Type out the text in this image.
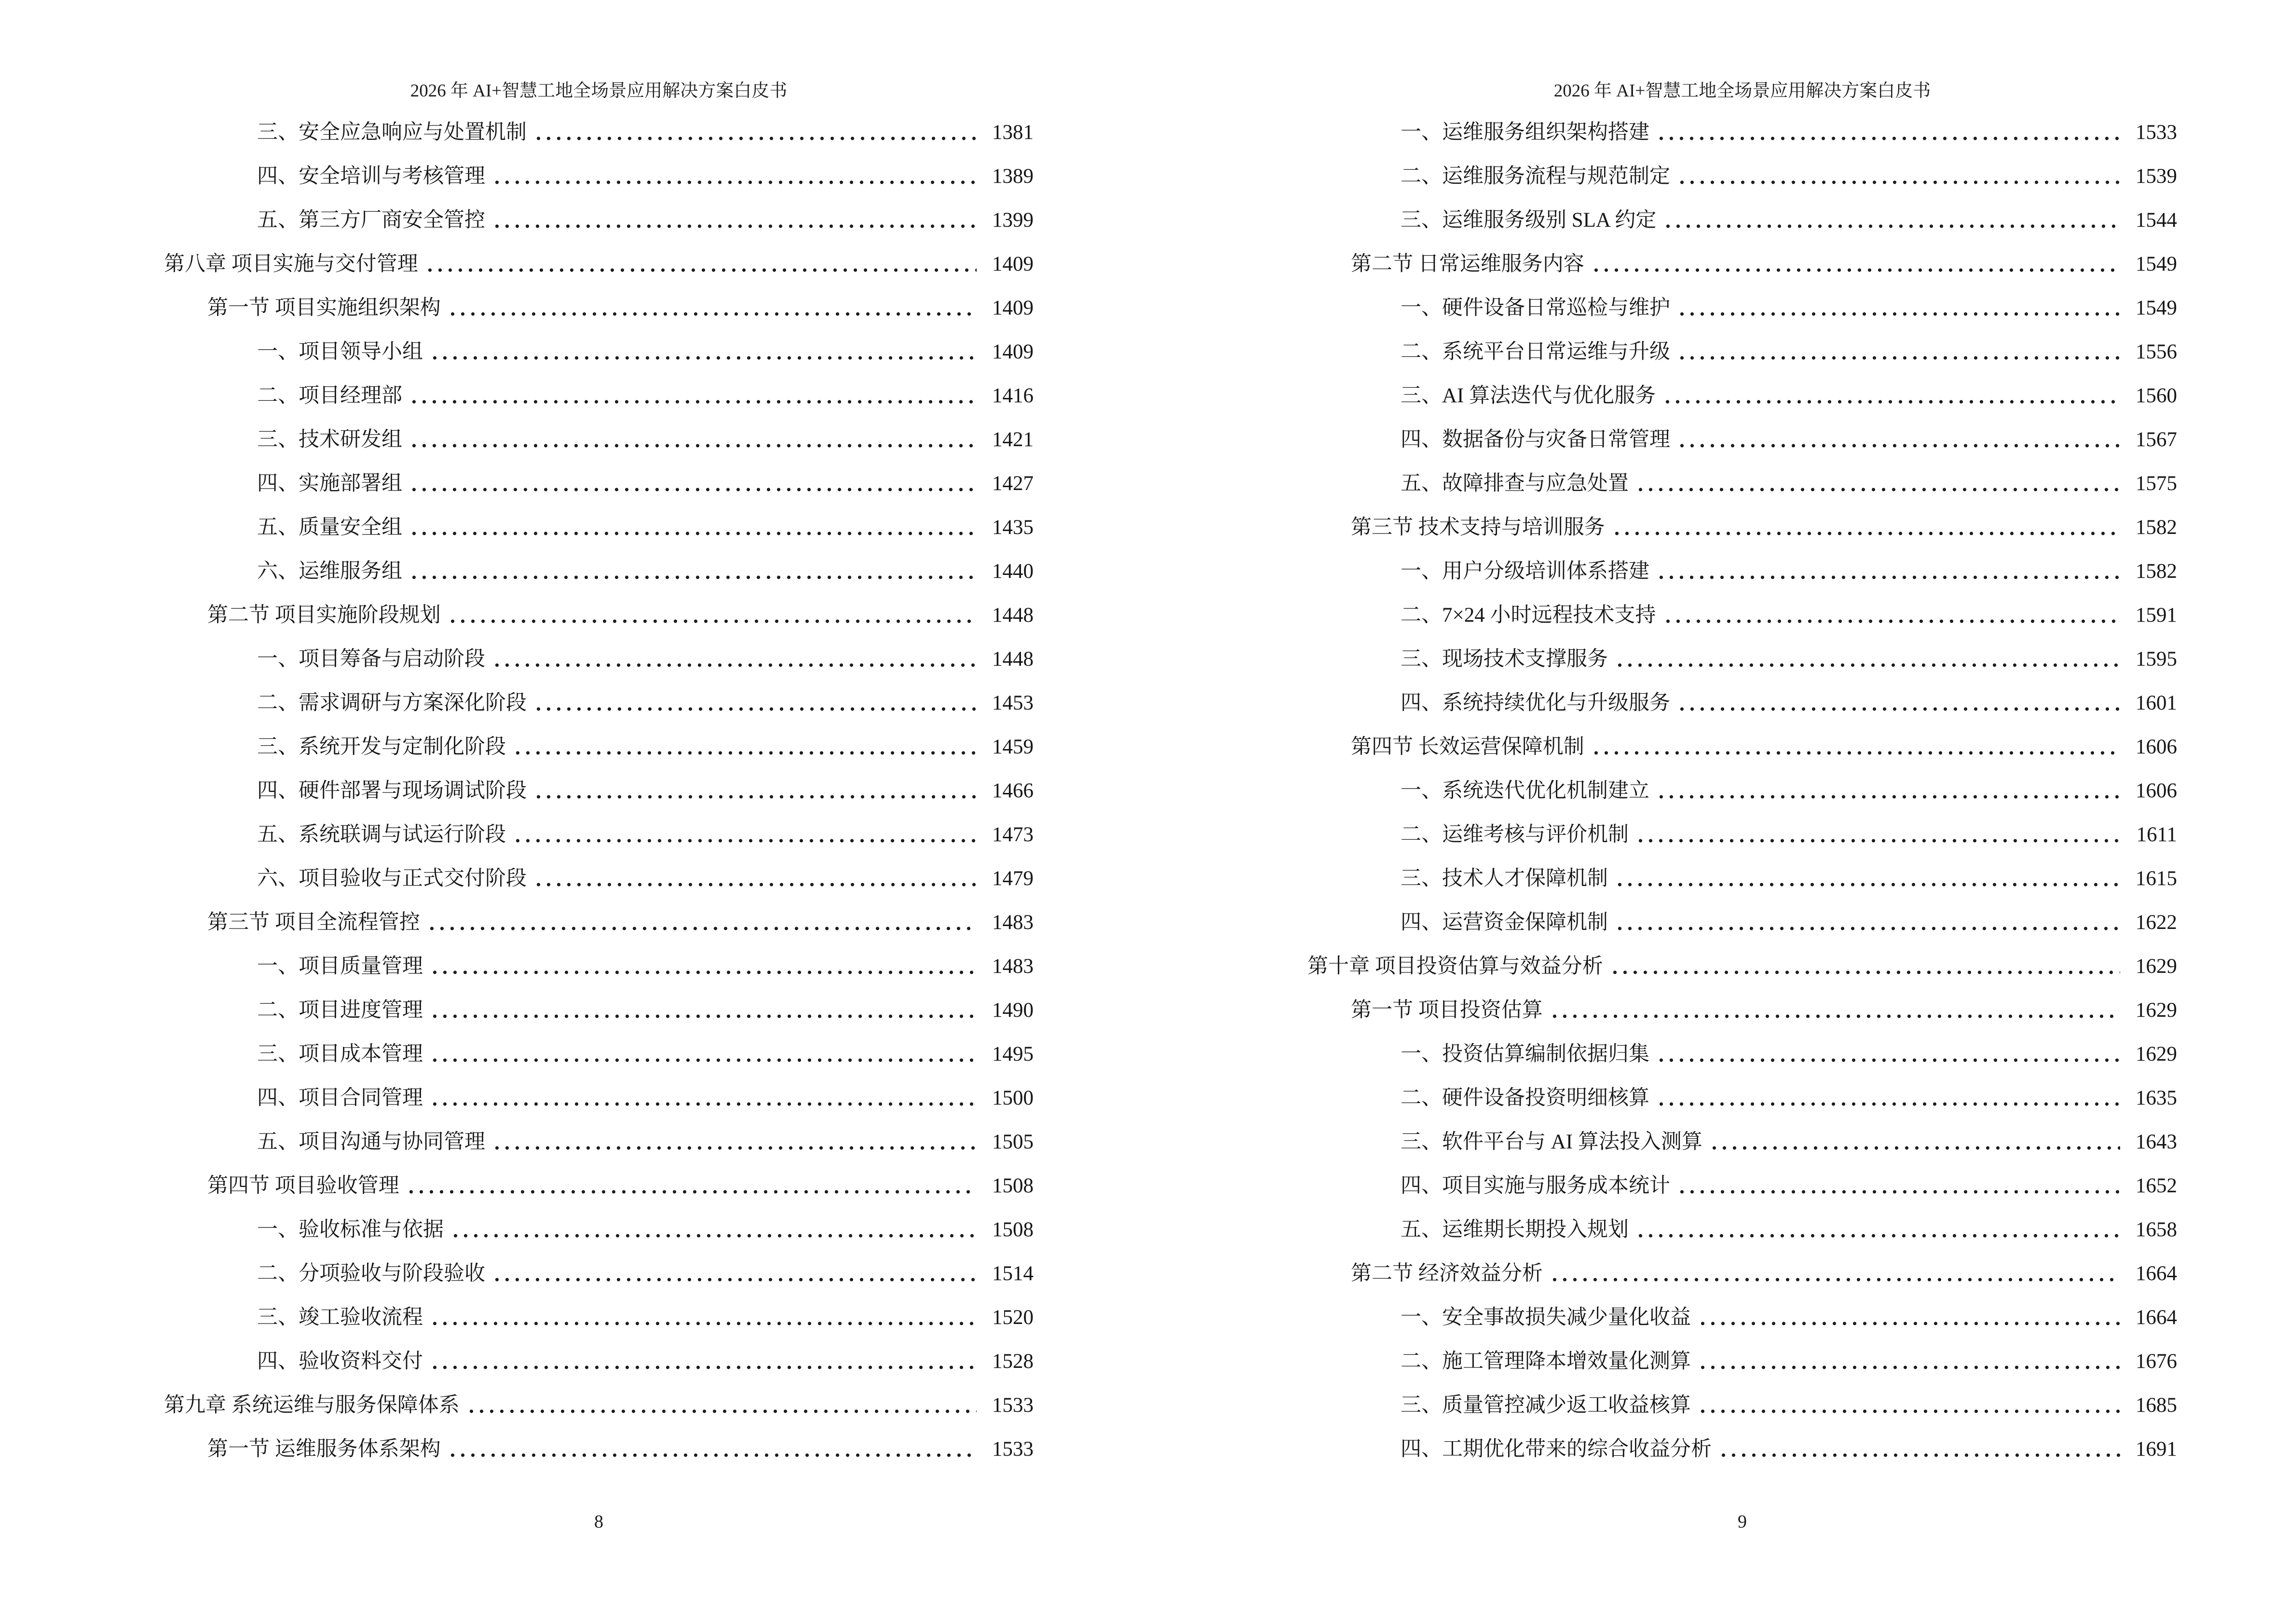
2026 年 AI+智慧工地全场景应用解决方案白皮书
三、安全应急响应与处置机制	1381
四、安全培训与考核管理	1389
五、第三方厂商安全管控	1399
第八章 项目实施与交付管理	1409
第一节 项目实施组织架构	1409
一、项目领导小组	1409
二、项目经理部	1416
三、技术研发组	1421
四、实施部署组	1427
五、质量安全组	1435
六、运维服务组	1440
第二节 项目实施阶段规划	1448
一、项目筹备与启动阶段	1448
二、需求调研与方案深化阶段	1453
三、系统开发与定制化阶段	1459
四、硬件部署与现场调试阶段	1466
五、系统联调与试运行阶段	1473
六、项目验收与正式交付阶段	1479
第三节 项目全流程管控	1483
一、项目质量管理	1483
二、项目进度管理	1490
三、项目成本管理	1495
四、项目合同管理	1500
五、项目沟通与协同管理	1505
第四节 项目验收管理	1508
一、验收标准与依据	1508
二、分项验收与阶段验收	1514
三、竣工验收流程	1520
四、验收资料交付	1528
第九章 系统运维与服务保障体系	1533
第一节 运维服务体系架构	1533
8
2026 年 AI+智慧工地全场景应用解决方案白皮书
一、运维服务组织架构搭建	1533
二、运维服务流程与规范制定	1539
三、运维服务级别 SLA 约定	1544
第二节 日常运维服务内容	1549
一、硬件设备日常巡检与维护	1549
二、系统平台日常运维与升级	1556
三、AI 算法迭代与优化服务	1560
四、数据备份与灾备日常管理	1567
五、故障排查与应急处置	1575
第三节 技术支持与培训服务	1582
一、用户分级培训体系搭建	1582
二、7×24 小时远程技术支持	1591
三、现场技术支撑服务	1595
四、系统持续优化与升级服务	1601
第四节 长效运营保障机制	1606
一、系统迭代优化机制建立	1606
二、运维考核与评价机制	1611
三、技术人才保障机制	1615
四、运营资金保障机制	1622
第十章 项目投资估算与效益分析	1629
第一节 项目投资估算	1629
一、投资估算编制依据归集	1629
二、硬件设备投资明细核算	1635
三、软件平台与 AI 算法投入测算	1643
四、项目实施与服务成本统计	1652
五、运维期长期投入规划	1658
第二节 经济效益分析	1664
一、安全事故损失减少量化收益	1664
二、施工管理降本增效量化测算	1676
三、质量管控减少返工收益核算	1685
四、工期优化带来的综合收益分析	1691
9
